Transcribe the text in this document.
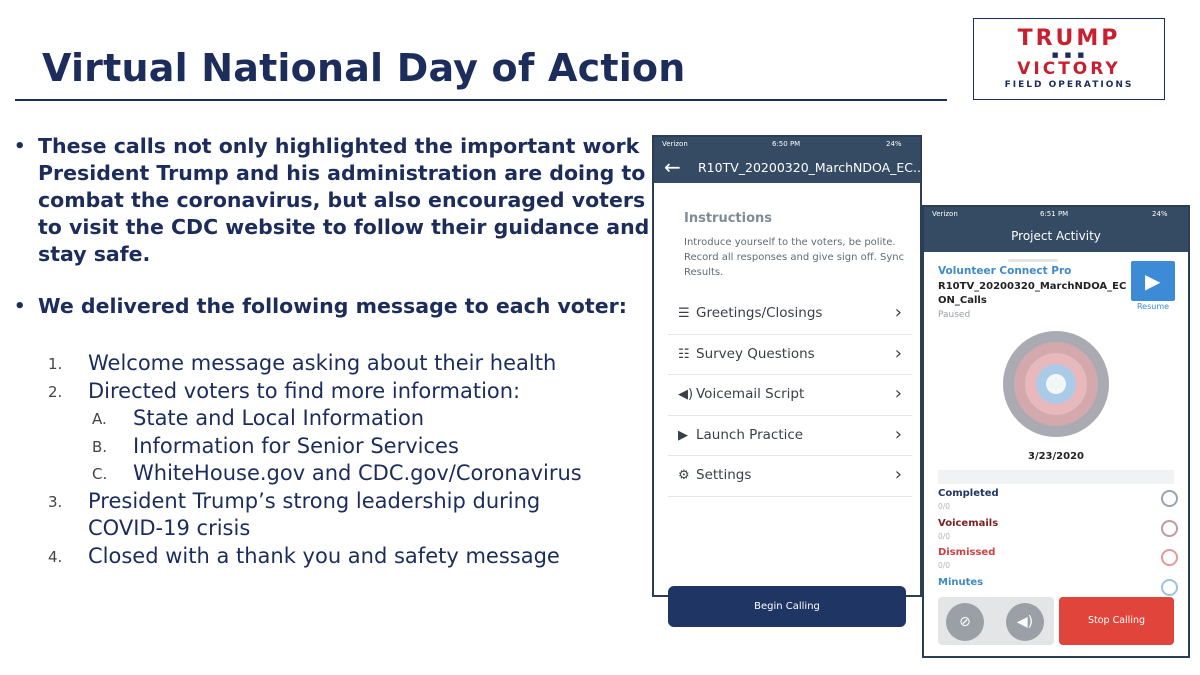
Virtual National Day of Action
TRUMP
■ ■ ■
VICTORY
FIELD OPERATIONS
• These calls not only highlighted the important work President Trump and his administration are doing to combat the coronavirus, but also encouraged voters to visit the CDC website to follow their guidance and stay safe.
• We delivered the following message to each voter:
1. Welcome message asking about their health
2. Directed voters to find more information:
A. State and Local Information
B. Information for Senior Services
C. WhiteHouse.gov and CDC.gov/Coronavirus
3. President Trump’s strong leadership during
COVID-19 crisis
4. Closed with a thank you and safety message
Verizon	6:50 PM	24%
← R10TV_20200320_MarchNDOA_EC...
Instructions
Introduce yourself to the voters, be polite. Record all responses and give sign off. Sync Results.
☰ Greetings/Closings	›
☷ Survey Questions	›
◀) Voicemail Script	›
▶ Launch Practice	›
⚙ Settings	›
Begin Calling
Verizon	6:51 PM	24%
Project Activity
Volunteer Connect Pro
R10TV_20200320_MarchNDOA_ECON_Calls
Paused
▶
Resume
3/23/2020
Completed
0/0
Voicemails
0/0
Dismissed
0/0
Minutes
⊘	◀)	Stop Calling
